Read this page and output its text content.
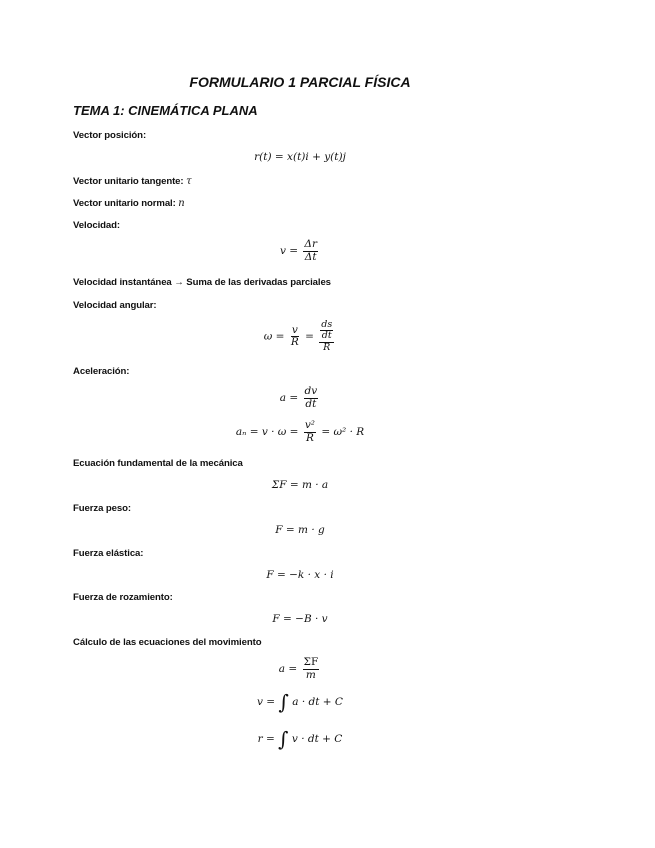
FORMULARIO 1 PARCIAL FÍSICA
TEMA 1: CINEMÁTICA PLANA
Vector posición:
r(t) = x(t)i + y(t)j
Vector unitario tangente: τ
Vector unitario normal: n
Velocidad:
$v = \frac{\Delta r}{\Delta t}$
Velocidad instantánea → Suma de las derivadas parciales
Velocidad angular:
$\omega = \frac{v}{R} = \frac{\frac{ds}{dt}}{R}$
Aceleración:
$a = \frac{dv}{dt}$
$a_n = v \cdot \omega = \frac{\text{v²}}{R} = \omega^2 \cdot R$
Ecuación fundamental de la mecánica
ΣF = m · a
Fuerza peso:
F = m · g
Fuerza elástica:
F = −k · x · i
Fuerza de rozamiento:
F = −B · v
Cálculo de las ecuaciones del movimiento
$a = \frac{\Sigma F}{m}$
v = ∫ a · dt + C
r = ∫ v · dt + C
